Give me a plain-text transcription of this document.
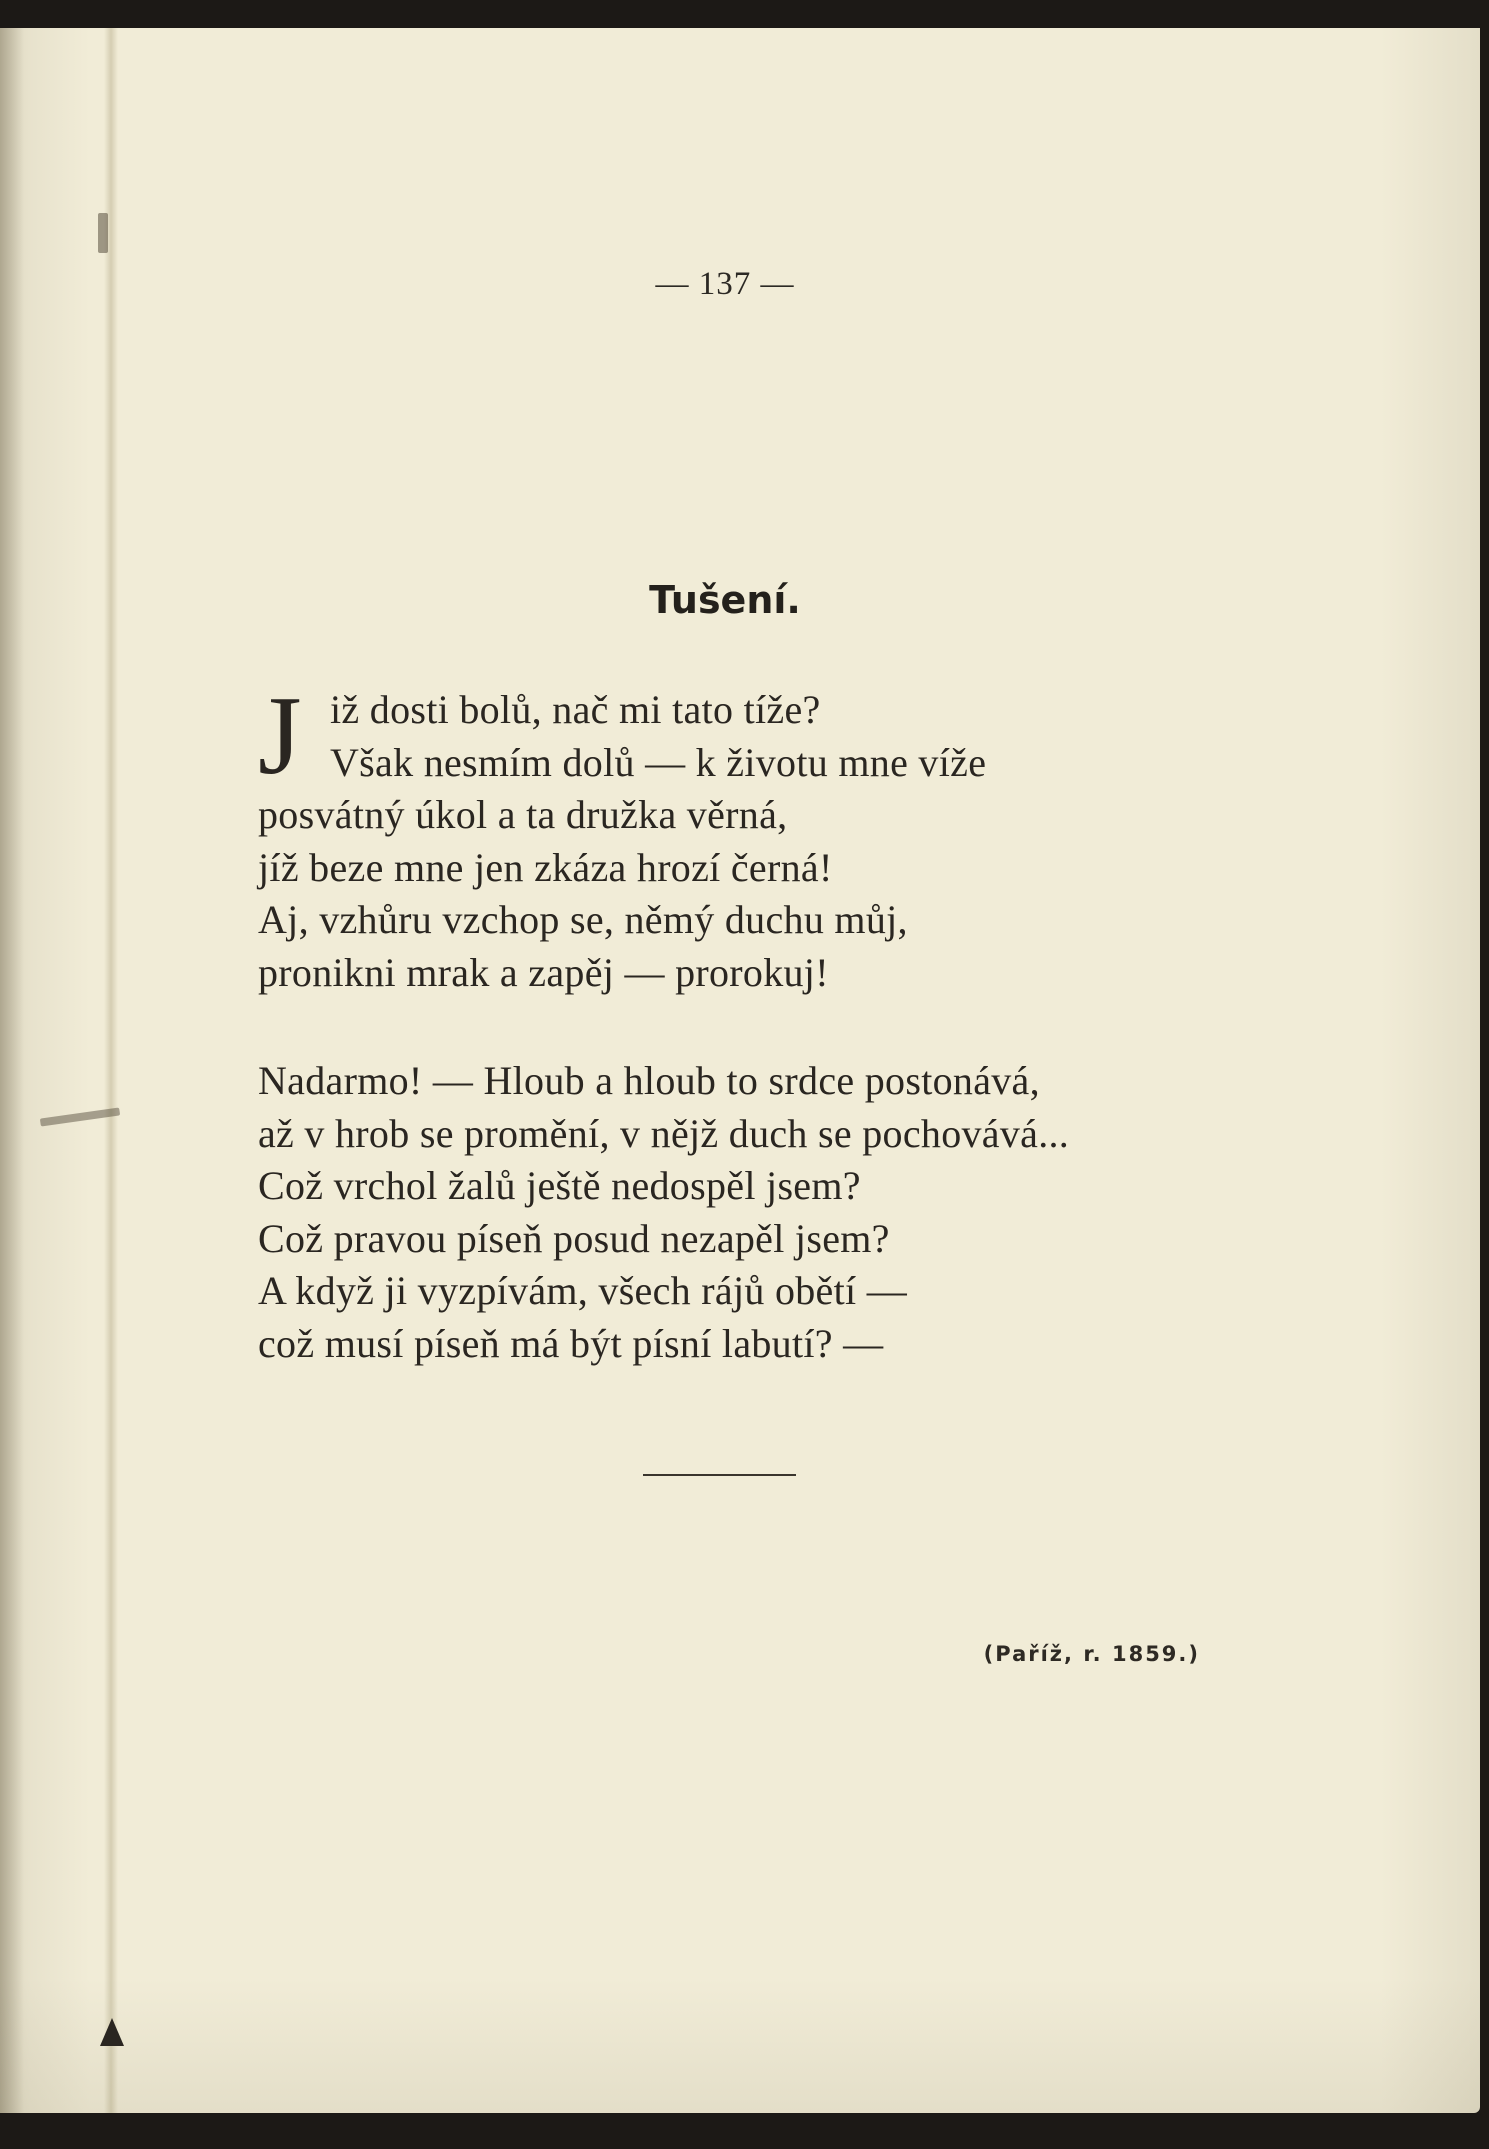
— 137 —
Tušení.
J iž dosti bolů, nač mi tato tíže?
Však nesmím dolů — k životu mne víže
posvátný úkol a ta družka věrná,
jíž beze mne jen zkáza hrozí černá!
Aj, vzhůru vzchop se, němý duchu můj,
pronikni mrak a zapěj — prorokuj!
Nadarmo! — Hloub a hloub to srdce postonává,
až v hrob se promění, v nějž duch se pochovává...
Což vrchol žalů ještě nedospěl jsem?
Což pravou píseň posud nezapěl jsem?
A když ji vyzpívám, všech rájů obětí —
což musí píseň má být písní labutí? —
(Paříž, r. 1859.)
